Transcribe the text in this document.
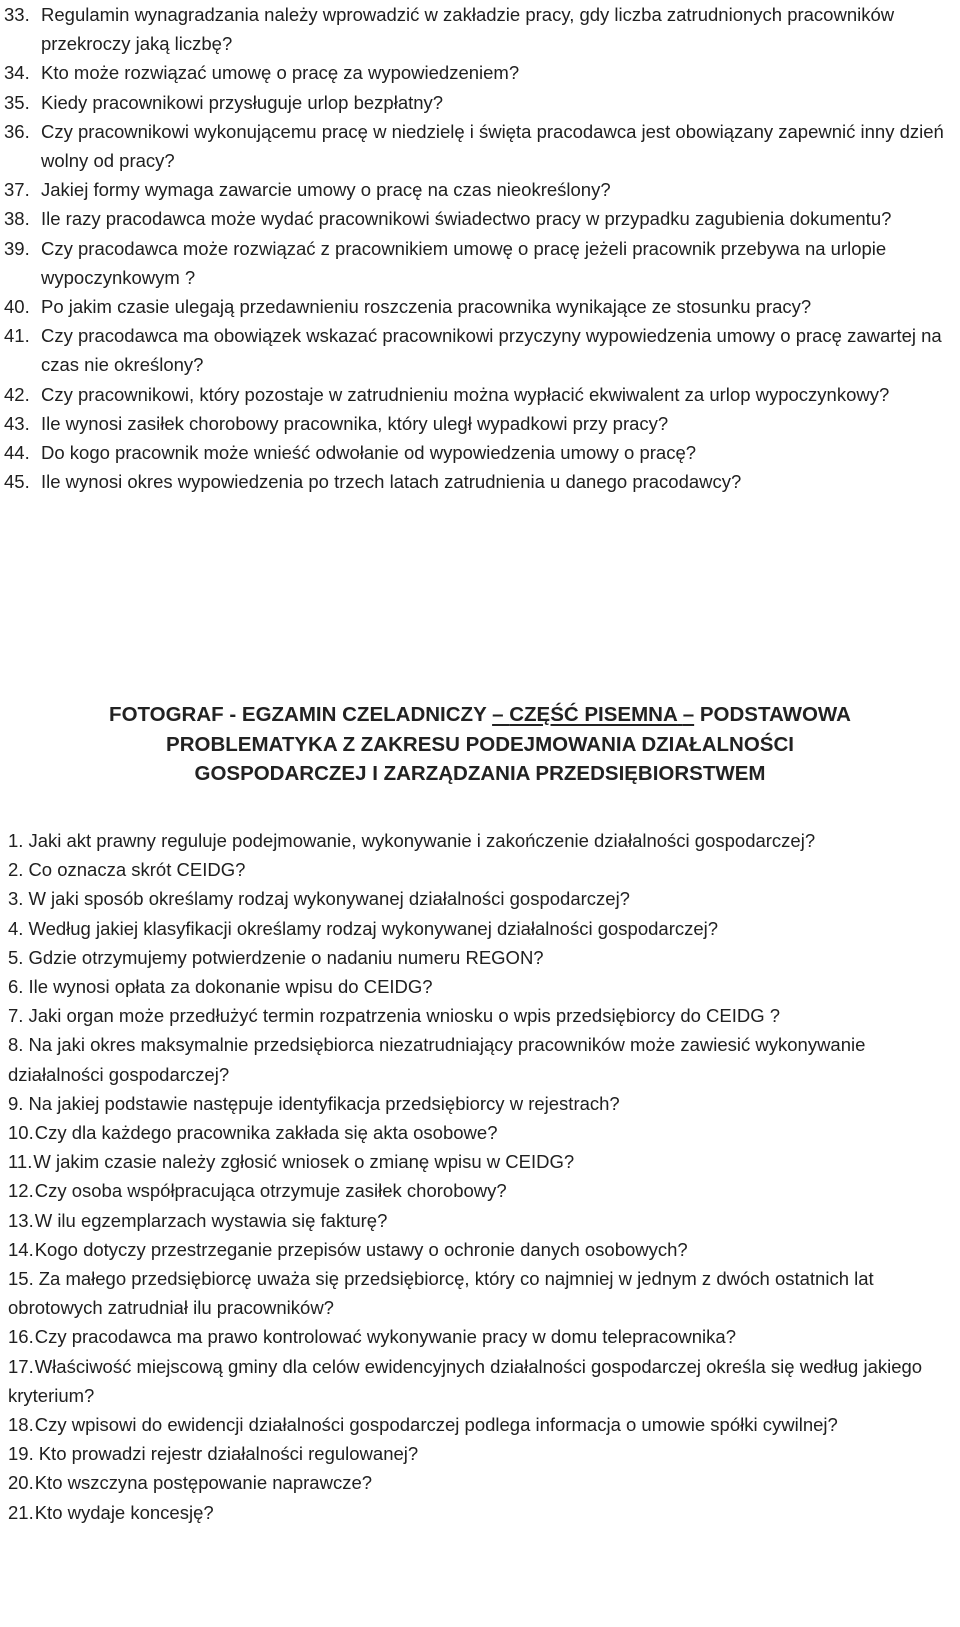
33. Regulamin wynagradzania należy wprowadzić w zakładzie pracy, gdy liczba zatrudnionych pracowników przekroczy jaką liczbę?
34. Kto może rozwiązać umowę o pracę za wypowiedzeniem?
35. Kiedy pracownikowi przysługuje urlop bezpłatny?
36. Czy pracownikowi wykonującemu pracę w niedzielę i święta pracodawca jest obowiązany zapewnić inny dzień wolny od pracy?
37. Jakiej formy wymaga zawarcie umowy o pracę na czas nieokreślony?
38. Ile razy pracodawca może wydać pracownikowi świadectwo pracy w przypadku zagubienia dokumentu?
39. Czy pracodawca może rozwiązać z pracownikiem umowę o pracę jeżeli pracownik przebywa na urlopie wypoczynkowym ?
40. Po jakim czasie ulegają przedawnieniu roszczenia pracownika wynikające ze stosunku pracy?
41. Czy pracodawca ma obowiązek wskazać pracownikowi przyczyny wypowiedzenia umowy o pracę zawartej na czas nie określony?
42. Czy pracownikowi, który pozostaje w zatrudnieniu można wypłacić ekwiwalent za urlop wypoczynkowy?
43. Ile wynosi zasiłek chorobowy pracownika, który uległ wypadkowi przy pracy?
44. Do kogo pracownik może wnieść odwołanie od wypowiedzenia umowy o pracę?
45. Ile wynosi okres wypowiedzenia po trzech latach zatrudnienia u danego pracodawcy?
FOTOGRAF - EGZAMIN CZELADNICZY – CZĘŚĆ PISEMNA – PODSTAWOWA
PROBLEMATYKA Z ZAKRESU PODEJMOWANIA DZIAŁALNOŚCI
GOSPODARCZEJ I ZARZĄDZANIA PRZEDSIĘBIORSTWEM
1. Jaki akt prawny reguluje podejmowanie, wykonywanie i zakończenie działalności gospodarczej?
2. Co oznacza skrót CEIDG?
3. W jaki sposób określamy rodzaj wykonywanej działalności gospodarczej?
4. Według jakiej klasyfikacji określamy rodzaj wykonywanej działalności gospodarczej?
5. Gdzie otrzymujemy potwierdzenie o nadaniu numeru REGON?
6. Ile wynosi opłata za dokonanie wpisu do CEIDG?
7. Jaki organ może przedłużyć termin rozpatrzenia wniosku o wpis przedsiębiorcy do CEIDG ?
8. Na jaki okres maksymalnie przedsiębiorca niezatrudniający pracowników może zawiesić wykonywanie działalności gospodarczej?
9. Na jakiej podstawie następuje identyfikacja przedsiębiorcy w rejestrach?
10.Czy dla każdego pracownika zakłada się akta osobowe?
11.W jakim czasie należy zgłosić wniosek o zmianę wpisu w CEIDG?
12.Czy osoba współpracująca otrzymuje zasiłek chorobowy?
13.W ilu egzemplarzach wystawia się fakturę?
14.Kogo dotyczy przestrzeganie przepisów ustawy o ochronie danych osobowych?
15. Za małego przedsiębiorcę uważa się przedsiębiorcę, który co najmniej w jednym z dwóch ostatnich lat obrotowych zatrudniał ilu pracowników?
16.Czy pracodawca ma prawo kontrolować wykonywanie pracy w domu telepracownika?
17.Właściwość miejscową gminy dla celów ewidencyjnych działalności gospodarczej określa się według jakiego kryterium?
18.Czy wpisowi do ewidencji działalności gospodarczej podlega informacja o umowie spółki cywilnej?
19. Kto prowadzi rejestr działalności regulowanej?
20.Kto wszczyna postępowanie naprawcze?
21.Kto wydaje koncesję?
